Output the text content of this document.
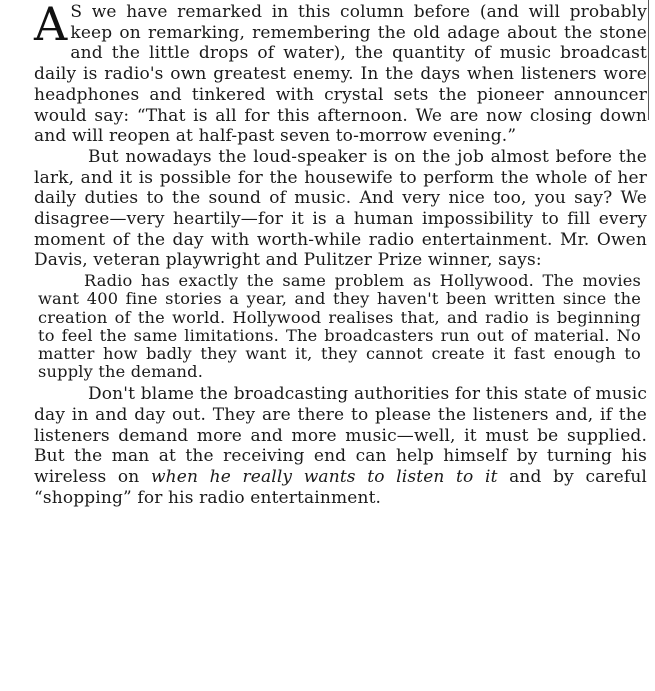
A S we have remarked in this column before (and will probably keep on remarking, remembering the old adage about the stone and the little drops of water), the quantity of music broadcast daily is radio's own greatest enemy. In the days when listeners wore headphones and tinkered with crystal sets the pioneer announcer would say: “That is all for this afternoon. We are now closing down and will reopen at half-past seven to-morrow evening.”

But nowadays the loud-speaker is on the job almost before the lark, and it is possible for the housewife to perform the whole of her daily duties to the sound of music. And very nice too, you say? We disagree—very heartily—for it is a human impossibility to fill every moment of the day with worth-while radio entertainment. Mr. Owen Davis, veteran playwright and Pulitzer Prize winner, says:

Radio has exactly the same problem as Hollywood. The movies want 400 fine stories a year, and they haven't been written since the creation of the world. Hollywood realises that, and radio is beginning to feel the same limitations. The broadcasters run out of material. No matter how badly they want it, they cannot create it fast enough to supply the demand.

Don't blame the broadcasting authorities for this state of music day in and day out. They are there to please the listeners and, if the listeners demand more and more music—well, it must be supplied. But the man at the receiving end can help himself by turning his wireless on when he really wants to listen to it and by careful “shopping” for his radio entertainment.
